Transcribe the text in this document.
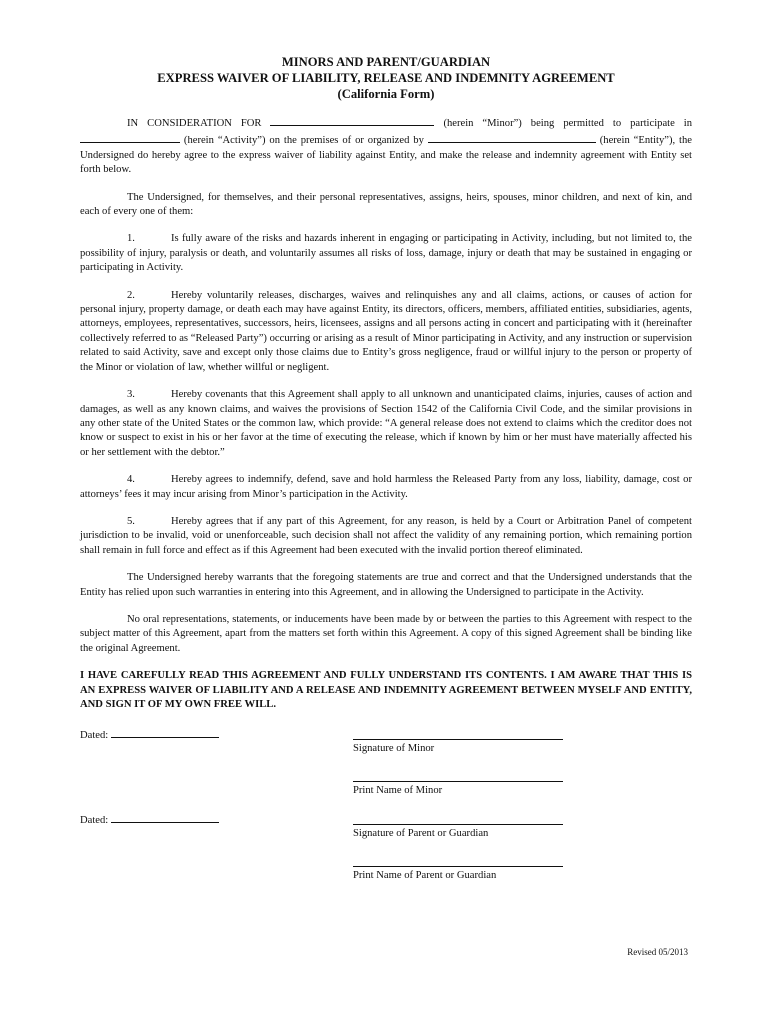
MINORS AND PARENT/GUARDIAN
EXPRESS WAIVER OF LIABILITY, RELEASE AND INDEMNITY AGREEMENT
(California Form)

IN CONSIDERATION FOR	(herein “Minor”) being permitted to participate in  (herein “Activity”) on the premises of or organized by	(herein “Entity”), the Undersigned do hereby agree to the express waiver of liability against Entity, and make the release and indemnity agreement with Entity set forth below.

The Undersigned, for themselves, and their personal representatives, assigns, heirs, spouses, minor children, and next of kin, and each of every one of them:

1.	Is fully aware of the risks and hazards inherent in engaging or participating in Activity, including, but not limited to, the possibility of injury, paralysis or death, and voluntarily assumes all risks of loss, damage, injury or death that may be sustained in engaging or participating in Activity.

2.	Hereby voluntarily releases, discharges, waives and relinquishes any and all claims, actions, or causes of action for personal injury, property damage, or death each may have against Entity, its directors, officers, members, affiliated entities, subsidiaries, agents, attorneys, employees, representatives, successors, heirs, licensees, assigns and all persons acting in concert and participating with it (hereinafter collectively referred to as “Released Party”) occurring or arising as a result of Minor participating in Activity, and any instruction or supervision related to said Activity, save and except only those claims due to Entity’s gross negligence, fraud or willful injury to the person or property of the Minor or violation of law, whether willful or negligent.

3.	Hereby covenants that this Agreement shall apply to all unknown and unanticipated claims, injuries, causes of action and damages, as well as any known claims, and waives the provisions of Section 1542 of the California Civil Code, and the similar provisions in any other state of the United States or the common law, which provide: “A general release does not extend to claims which the creditor does not know or suspect to exist in his or her favor at the time of executing the release, which if known by him or her must have materially affected his or her settlement with the debtor.”

4.	Hereby agrees to indemnify, defend, save and hold harmless the Released Party from any loss, liability, damage, cost or attorneys’ fees it may incur arising from Minor’s participation in the Activity.

5.	Hereby agrees that if any part of this Agreement, for any reason, is held by a Court or Arbitration Panel of competent jurisdiction to be invalid, void or unenforceable, such decision shall not affect the validity of any remaining portion, which remaining portion shall remain in full force and effect as if this Agreement had been executed with the invalid portion thereof eliminated.

The Undersigned hereby warrants that the foregoing statements are true and correct and that the Undersigned understands that the Entity has relied upon such warranties in entering into this Agreement, and in allowing the Undersigned to participate in the Activity.

No oral representations, statements, or inducements have been made by or between the parties to this Agreement with respect to the subject matter of this Agreement, apart from the matters set forth within this Agreement. A copy of this signed Agreement shall be binding like the original Agreement.

I HAVE CAREFULLY READ THIS AGREEMENT AND FULLY UNDERSTAND ITS CONTENTS. I AM AWARE THAT THIS IS AN EXPRESS WAIVER OF LIABILITY AND A RELEASE AND INDEMNITY AGREEMENT BETWEEN MYSELF AND ENTITY, AND SIGN IT OF MY OWN FREE WILL.

Dated:
Signature of Minor
Print Name of Minor
Dated:
Signature of Parent or Guardian
Print Name of Parent or Guardian
Revised 05/2013
